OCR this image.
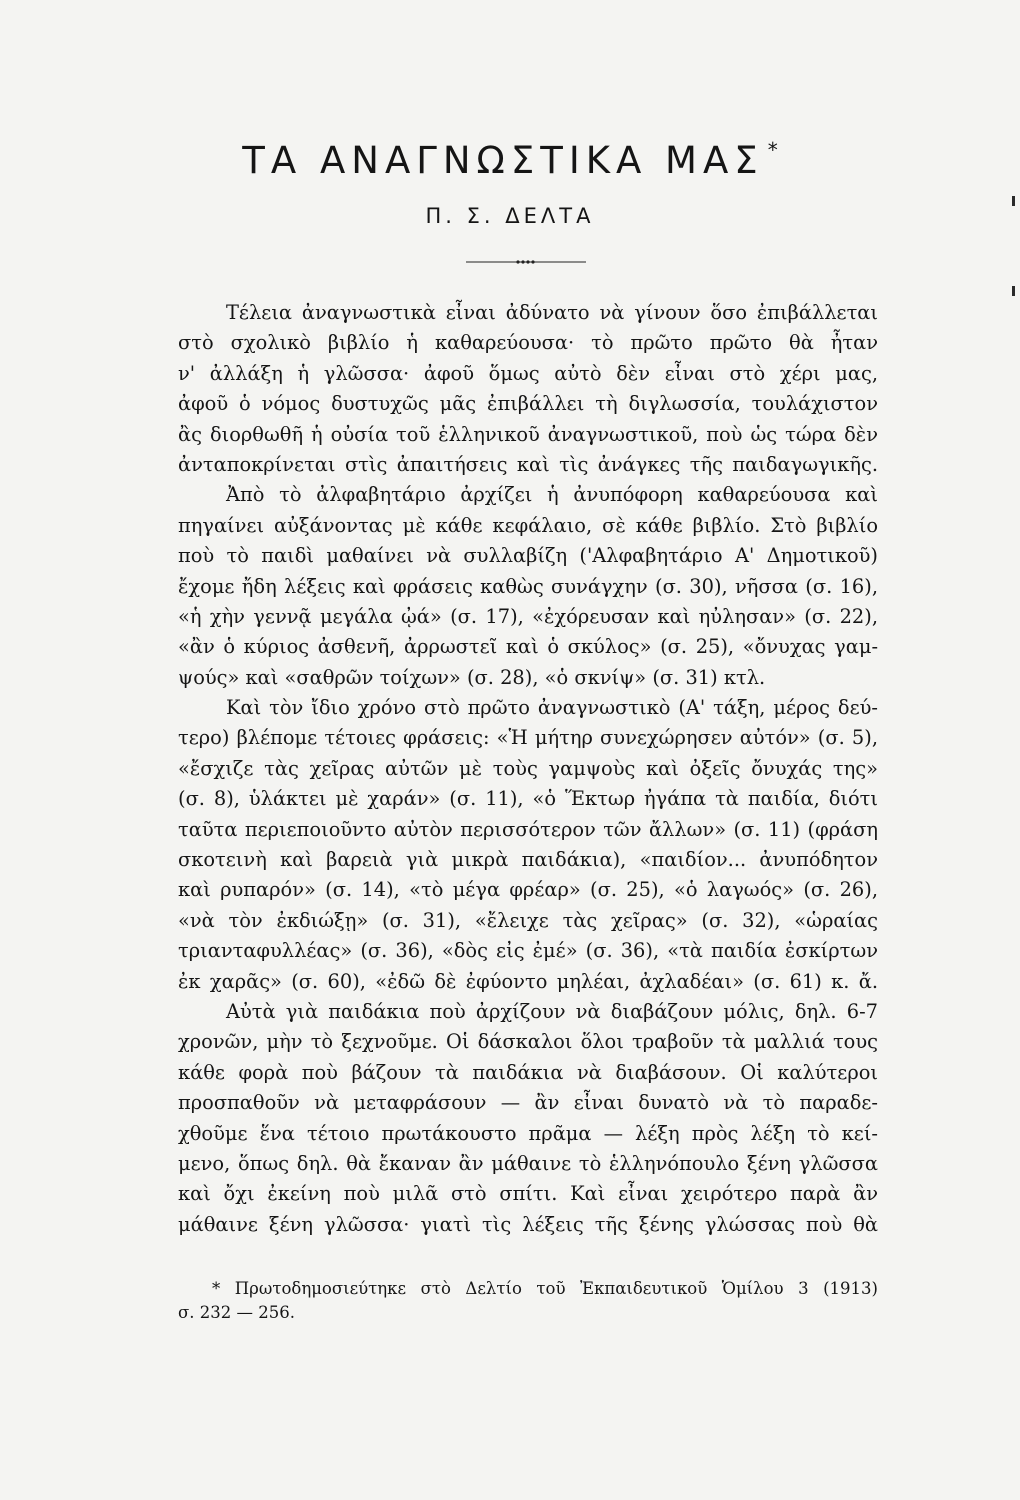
ΤΑ ΑΝΑΓΝΩΣΤΙΚΑ ΜΑΣ *
Π. Σ. ΔΕΛΤΑ
Τέλεια ἀναγνωστικὰ εἶναι ἀδύνατο νὰ γίνουν ὅσο ἐπιβάλλεται
στὸ σχολικὸ βιβλίο ἡ καθαρεύουσα· τὸ πρῶτο πρῶτο θὰ ἦταν
ν' ἀλλάξη ἡ γλῶσσα· ἀφοῦ ὅμως αὐτὸ δὲν εἶναι στὸ χέρι μας,
ἀφοῦ ὁ νόμος δυστυχῶς μᾶς ἐπιβάλλει τὴ διγλωσσία, τουλάχιστον
ἂς διορθωθῆ ἡ οὐσία τοῦ ἑλληνικοῦ ἀναγνωστικοῦ, ποὺ ὡς τώρα δὲν
ἀνταποκρίνεται στὶς ἀπαιτήσεις καὶ τὶς ἀνάγκες τῆς παιδαγωγικῆς.
Ἀπὸ τὸ ἀλφαβητάριο ἀρχίζει ἡ ἀνυπόφορη καθαρεύουσα καὶ
πηγαίνει αὐξάνοντας μὲ κάθε κεφάλαιο, σὲ κάθε βιβλίο. Στὸ βιβλίο
ποὺ τὸ παιδὶ μαθαίνει νὰ συλλαβίζη ('Αλφαβητάριο Α' Δημοτικοῦ)
ἔχομε ἤδη λέξεις καὶ φράσεις καθὼς συνάγχην (σ. 30), νῆσσα (σ. 16),
«ἡ χὴν γεννᾷ μεγάλα ᾠά» (σ. 17), «ἐχόρευσαν καὶ ηὐλησαν» (σ. 22),
«ἂν ὁ κύριος ἀσθενῆ, ἀρρωστεῖ καὶ ὁ σκύλος» (σ. 25), «ὄνυχας γαμ-
ψούς» καὶ «σαθρῶν τοίχων» (σ. 28), «ὁ σκνίψ» (σ. 31) κτλ.
Καὶ τὸν ἴδιο χρόνο στὸ πρῶτο ἀναγνωστικὸ (Α' τάξη, μέρος δεύ-
τερο) βλέπομε τέτοιες φράσεις: «Ἡ μήτηρ συνεχώρησεν αὐτόν» (σ. 5),
«ἔσχιζε τὰς χεῖρας αὐτῶν μὲ τοὺς γαμψοὺς καὶ ὀξεῖς ὄνυχάς της»
(σ. 8), ὑλάκτει μὲ χαράν» (σ. 11), «ὁ Ἕκτωρ ἠγάπα τὰ παιδία, διότι
ταῦτα περιεποιοῦντο αὐτὸν περισσότερον τῶν ἄλλων» (σ. 11) (φράση
σκοτεινὴ καὶ βαρειὰ γιὰ μικρὰ παιδάκια), «παιδίον... ἀνυπόδητον
καὶ ρυπαρόν» (σ. 14), «τὸ μέγα φρέαρ» (σ. 25), «ὁ λαγωός» (σ. 26),
«νὰ τὸν ἐκδιώξῃ» (σ. 31), «ἔλειχε τὰς χεῖρας» (σ. 32), «ὡραίας
τριανταφυλλέας» (σ. 36), «δὸς εἰς ἐμέ» (σ. 36), «τὰ παιδία ἐσκίρτων
ἐκ χαρᾶς» (σ. 60), «ἐδῶ δὲ ἐφύοντο μηλέαι, ἀχλαδέαι» (σ. 61) κ. ἄ.
Αὐτὰ γιὰ παιδάκια ποὺ ἀρχίζουν νὰ διαβάζουν μόλις, δηλ. 6-7
χρονῶν, μὴν τὸ ξεχνοῦμε. Οἱ δάσκαλοι ὅλοι τραβοῦν τὰ μαλλιά τους
κάθε φορὰ ποὺ βάζουν τὰ παιδάκια νὰ διαβάσουν. Οἱ καλύτεροι
προσπαθοῦν νὰ μεταφράσουν — ἂν εἶναι δυνατὸ νὰ τὸ παραδε-
χθοῦμε ἕνα τέτοιο πρωτάκουστο πρᾶμα — λέξη πρὸς λέξη τὸ κεί-
μενο, ὅπως δηλ. θὰ ἔκαναν ἂν μάθαινε τὸ ἑλληνόπουλο ξένη γλῶσσα
καὶ ὄχι ἐκείνη ποὺ μιλᾶ στὸ σπίτι. Καὶ εἶναι χειρότερο παρὰ ἂν
μάθαινε ξένη γλῶσσα· γιατὶ τὶς λέξεις τῆς ξένης γλώσσας ποὺ θὰ
* Πρωτοδημοσιεύτηκε στὸ Δελτίο τοῦ Ἐκπαιδευτικοῦ Ὁμίλου 3 (1913)
σ. 232 — 256.
